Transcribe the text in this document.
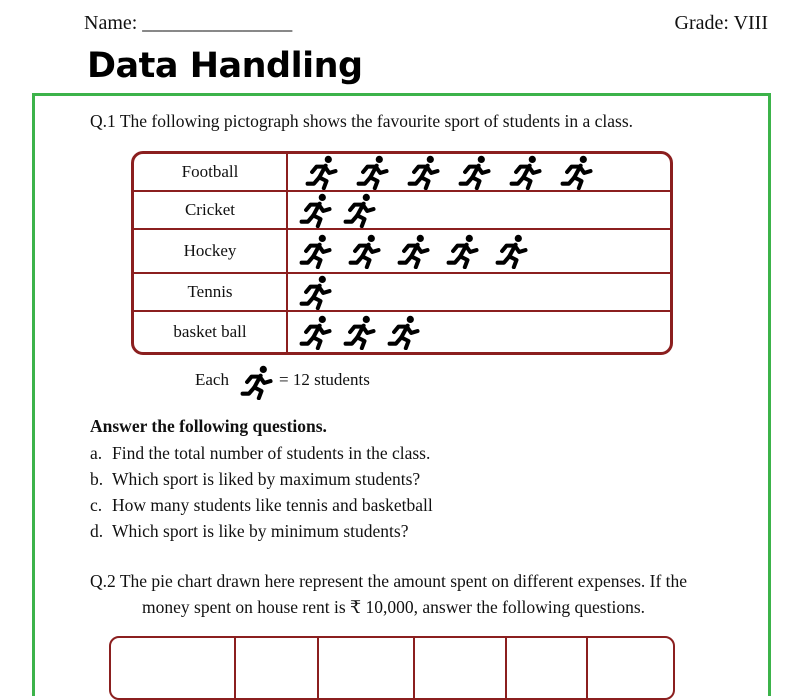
Name: _______________	Grade: VIII
Data Handling
Q.1 The following pictograph shows the favourite sport of students in a class.
Football
Cricket
Hockey
Tennis
basket ball
Each	= 12 students
Answer the following questions.
a. Find the total number of students in the class.
b. Which sport is liked by maximum students?
c. How many students like tennis and basketball
d. Which sport is like by minimum students?
Q.2 The pie chart drawn here represent the amount spent on different expenses. If the
money spent on house rent is ₹ 10,000, answer the following questions.
